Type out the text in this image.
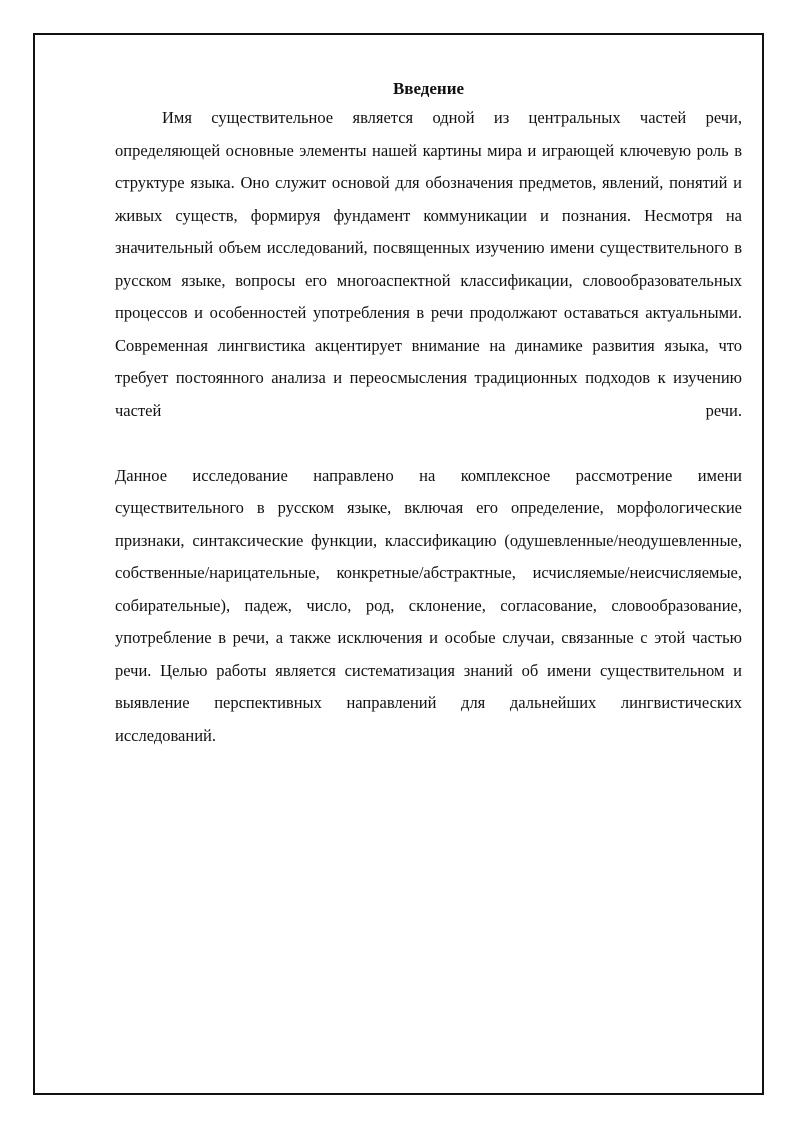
Введение

Имя существительное является одной из центральных частей речи, определяющей основные элементы нашей картины мира и играющей ключевую роль в структуре языка. Оно служит основой для обозначения предметов, явлений, понятий и живых существ, формируя фундамент коммуникации и познания. Несмотря на значительный объем исследований, посвященных изучению имени существительного в русском языке, вопросы его многоаспектной классификации, словообразовательных процессов и особенностей употребления в речи продолжают оставаться актуальными. Современная лингвистика акцентирует внимание на динамике развития языка, что требует постоянного анализа и переосмысления традиционных подходов к изучению частей речи.

Данное исследование направлено на комплексное рассмотрение имени существительного в русском языке, включая его определение, морфологические признаки, синтаксические функции, классификацию (одушевленные/неодушевленные, собственные/нарицательные, конкретные/абстрактные, исчисляемые/неисчисляемые, собирательные), падеж, число, род, склонение, согласование, словообразование, употребление в речи, а также исключения и особые случаи, связанные с этой частью речи. Целью работы является систематизация знаний об имени существительном и выявление перспективных направлений для дальнейших лингвистических исследований.
